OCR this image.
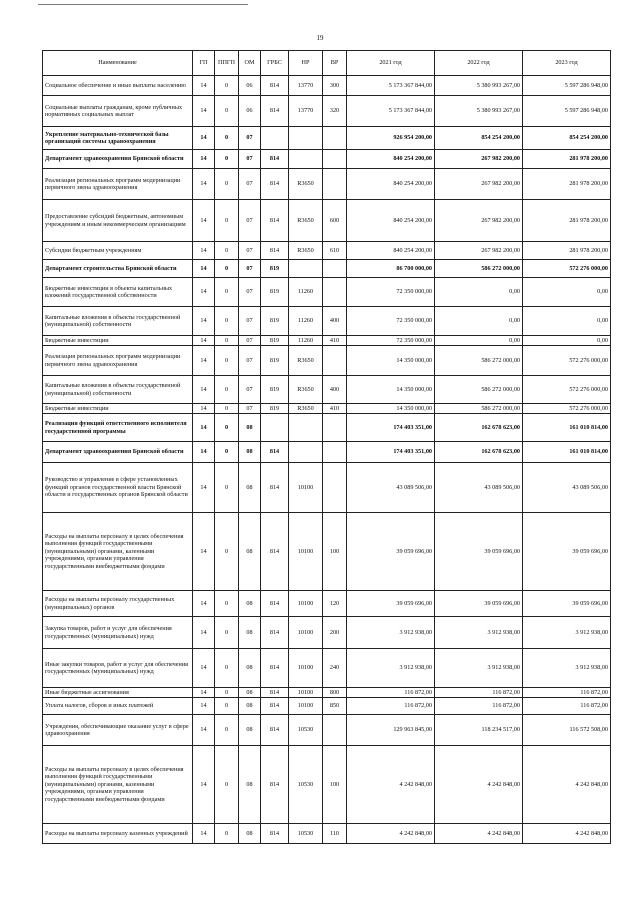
19
Наименование	ГП	ППГП	ОМ	ГРБС	НР	ВР	2021 год	2022 год	2023 год
Социальное обеспечение и иные выплаты населению	14	0	06	814	13770	300	5 173 367 844,00	5 380 993 267,00	5 597 286 948,00
Социальные выплаты гражданам, кроме публичных нормативных социальных выплат	14	0	06	814	13770	320	5 173 367 844,00	5 380 993 267,00	5 597 286 948,00
Укрепление материально-технической базы организаций системы здравоохранения	14	0	07				926 954 200,00	854 254 200,00	854 254 200,00
Департамент здравоохранения Брянской области	14	0	07	814			840 254 200,00	267 982 200,00	281 978 200,00
Реализация региональных программ модернизации первичного звена здравоохранения	14	0	07	814	R3650		840 254 200,00	267 982 200,00	281 978 200,00
Предоставление субсидий бюджетным, автономным учреждениям и иным некоммерческим организациям	14	0	07	814	R3650	600	840 254 200,00	267 982 200,00	281 978 200,00
Субсидии бюджетным учреждениям	14	0	07	814	R3650	610	840 254 200,00	267 982 200,00	281 978 200,00
Департамент строительства Брянской области	14	0	07	819			86 700 000,00	586 272 000,00	572 276 000,00
Бюджетные инвестиции в объекты капитальных вложений государственной собственности	14	0	07	819	11260		72 350 000,00	0,00	0,00
Капитальные вложения в объекты государственной (муниципальной) собственности	14	0	07	819	11260	400	72 350 000,00	0,00	0,00
Бюджетные инвестиции	14	0	07	819	11260	410	72 350 000,00	0,00	0,00
Реализация региональных программ модернизации первичного звена здравоохранения	14	0	07	819	R3650		14 350 000,00	586 272 000,00	572 276 000,00
Капитальные вложения в объекты государственной (муниципальной) собственности	14	0	07	819	R3650	400	14 350 000,00	586 272 000,00	572 276 000,00
Бюджетные инвестиции	14	0	07	819	R3650	410	14 350 000,00	586 272 000,00	572 276 000,00
Реализация функций ответственного исполнителя государственной программы	14	0	08				174 403 351,00	162 678 623,00	161 010 814,00
Департамент здравоохранения Брянской области	14	0	08	814			174 403 351,00	162 678 623,00	161 010 814,00
Руководство и управление в сфере установленных функций органов государственной власти Брянской области и государственных органов Брянской области	14	0	08	814	10100		43 089 506,00	43 089 506,00	43 089 506,00
Расходы на выплаты персоналу в целях обеспечения выполнения функций государственными (муниципальными) органами, казенными учреждениями, органами управления государственными внебюджетными фондами	14	0	08	814	10100	100	39 059 696,00	39 059 696,00	39 059 696,00
Расходы на выплаты персоналу государственных (муниципальных) органов	14	0	08	814	10100	120	39 059 696,00	39 059 696,00	39 059 696,00
Закупка товаров, работ и услуг для обеспечения государственных (муниципальных) нужд	14	0	08	814	10100	200	3 912 938,00	3 912 938,00	3 912 938,00
Иные закупки товаров, работ и услуг для обеспечения государственных (муниципальных) нужд	14	0	08	814	10100	240	3 912 938,00	3 912 938,00	3 912 938,00
Иные бюджетные ассигнования	14	0	08	814	10100	800	116 872,00	116 872,00	116 872,00
Уплата налогов, сборов и иных платежей	14	0	08	814	10100	850	116 872,00	116 872,00	116 872,00
Учреждения, обеспечивающие оказание услуг в сфере здравоохранения	14	0	08	814	10530		129 963 845,00	118 234 517,00	116 572 508,00
Расходы на выплаты персоналу в целях обеспечения выполнения функций государственными (муниципальными) органами, казенными учреждениями, органами управления государственными внебюджетными фондами	14	0	08	814	10530	100	4 242 848,00	4 242 848,00	4 242 848,00
Расходы на выплаты персоналу казенных учреждений	14	0	08	814	10530	110	4 242 848,00	4 242 848,00	4 242 848,00
